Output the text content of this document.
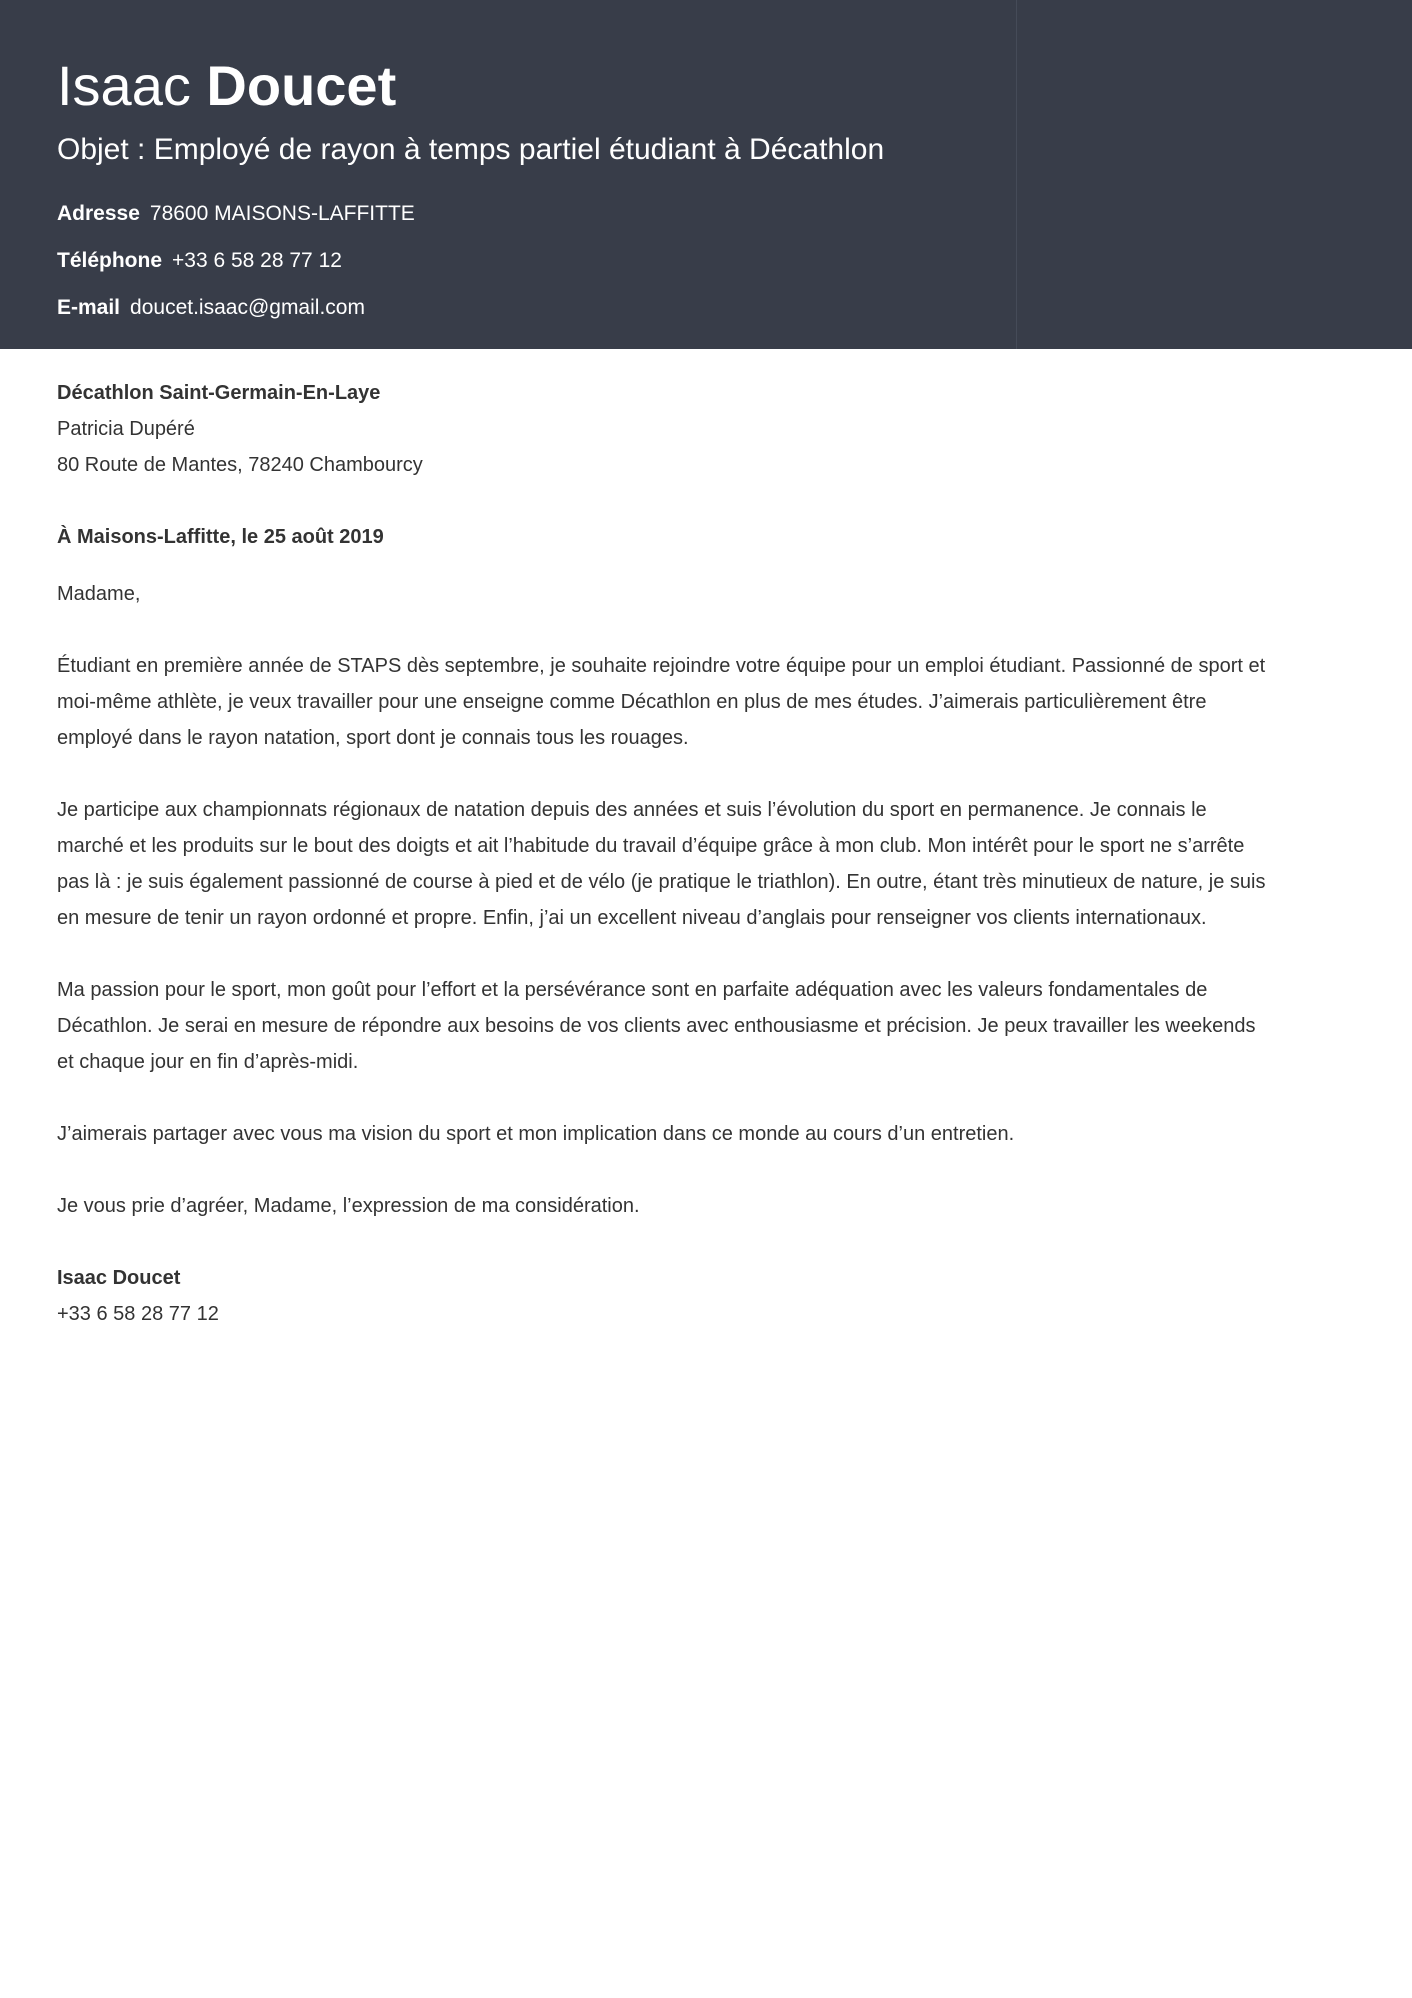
Isaac Doucet
Objet : Employé de rayon à temps partiel étudiant à Décathlon
Adresse 78600 MAISONS-LAFFITTE
Téléphone +33 6 58 28 77 12
E-mail doucet.isaac@gmail.com
Décathlon Saint-Germain-En-Laye
Patricia Dupéré
80 Route de Mantes, 78240 Chambourcy
À Maisons-Laffitte, le 25 août 2019
Madame,

Étudiant en première année de STAPS dès septembre, je souhaite rejoindre votre équipe pour un emploi étudiant. Passionné de sport et
moi-même athlète, je veux travailler pour une enseigne comme Décathlon en plus de mes études. J’aimerais particulièrement être
employé dans le rayon natation, sport dont je connais tous les rouages.

Je participe aux championnats régionaux de natation depuis des années et suis l’évolution du sport en permanence. Je connais le
marché et les produits sur le bout des doigts et ait l’habitude du travail d’équipe grâce à mon club. Mon intérêt pour le sport ne s’arrête
pas là : je suis également passionné de course à pied et de vélo (je pratique le triathlon). En outre, étant très minutieux de nature, je suis
en mesure de tenir un rayon ordonné et propre. Enfin, j’ai un excellent niveau d’anglais pour renseigner vos clients internationaux.

Ma passion pour le sport, mon goût pour l’effort et la persévérance sont en parfaite adéquation avec les valeurs fondamentales de
Décathlon. Je serai en mesure de répondre aux besoins de vos clients avec enthousiasme et précision. Je peux travailler les weekends
et chaque jour en fin d’après-midi.

J’aimerais partager avec vous ma vision du sport et mon implication dans ce monde au cours d’un entretien.

Je vous prie d’agréer, Madame, l’expression de ma considération.

Isaac Doucet
+33 6 58 28 77 12
